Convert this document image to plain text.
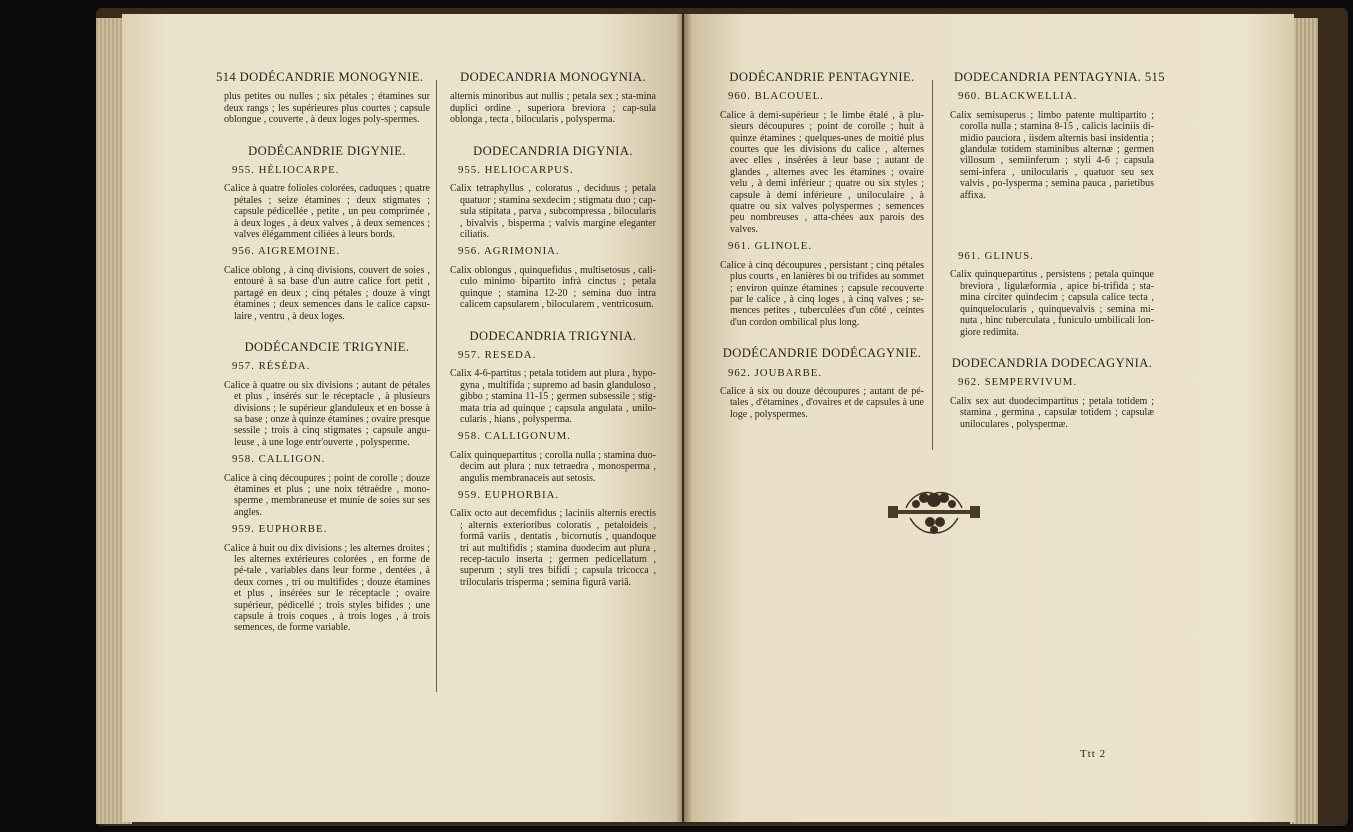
514 DODÉCANDRIE MONOGYNIE.

plus petites ou nulles ; six pétales ; étamines sur deux rangs ; les supérieures plus courtes ; capsule oblongue , couverte , à deux loges poly-spermes.

DODÉCANDRIE DIGYNIE.
955. HÉLIOCARPE.

Calice à quatre folioles colorées, caduques ; quatre pétales ; seize étamines ; deux stigmates ; capsule pédicellée , petite , un peu comprimée , à deux loges , à deux valves , à deux semences ; valves élégamment ciliées à leurs bords.

956. AIGREMOINE.

Calice oblong , à cinq divisions, couvert de soies , entouré à sa base d'un autre calice fort petit , partagé en deux ; cinq pétales ; douze à vingt étamines ; deux semences dans le calice capsu-laire , ventru , à deux loges.

DODÉCANDCIE TRIGYNIE.
957. RÉSÉDA.

Calice à quatre ou six divisions ; autant de pétales et plus , insérés sur le réceptacle , à plusieurs divisions ; le supérieur glanduleux et en bosse à sa base ; onze à quinze étamines ; ovaire presque sessile ; trois à cinq stigmates ; capsule angu-leuse , à une loge entr'ouverte , polysperme.

958. CALLIGON.

Calice à cinq découpures ; point de corolle ; douze étamines et plus ; une noix tétraèdre , mono-sperme , membraneuse et munie de soies sur ses angles.

959. EUPHORBE.

Calice à huit ou dix divisions ; les alternes droites ; les alternes extérieures colorées , en forme de pé-tale , variables dans leur forme , dentées , à deux cornes , tri ou multifides ; douze étamines et plus , insérées sur le réceptacle ; ovaire supérieur, pédicellé ; trois styles bifides ; une capsule à trois coques , à trois loges , à trois semences, de forme variable.

DODECANDRIA MONOGYNIA.

alternis minoribus aut nullis ; petala sex ; sta-mina duplici ordine , superiora breviora ; cap-sula oblonga , tecta , bilocularis , polysperma.

DODECANDRIA DIGYNIA.
955. HELIOCARPUS.

Calix tetraphyllus , coloratus , deciduus ; petala quatuor ; stamina sexdecim ; stigmata duo ; cap-sula stipitata , parva , subcompressa , bilocularis , bivalvis , bisperma ; valvis margine eleganter ciliatis.

956. AGRIMONIA.

Calix oblongus , quinquefidus , multisetosus , cali-culo minimo bipartito infrà cinctus ; petala quinque ; stamina 12-20 ; semina duo intra calicem capsularem , bilocularem , ventricosum.

DODECANDRIA TRIGYNIA.
957. RESEDA.

Calix 4-6-partitus ; petala totidem aut plura , hypo-gyna , multifida ; supremo ad basin glanduloso , gibbo ; stamina 11-15 ; germen subsessile ; stig-mata tria ad quinque ; capsula angulata , unilo-cularis , hians , polysperma.

958. CALLIGONUM.

Calix quinquepartitus ; corolla nulla ; stamina duo-decim aut plura ; nux tetraedra , monosperma , angulis membranaceis aut setosis.

959. EUPHORBIA.

Calix octo aut decemfidus ; laciniis alternis erectis ; alternis exterioribus coloratis , petaloideis , formâ variis , dentatis , bicornutis , quandoque tri aut multifidis ; stamina duodecim aut plura , recep-taculo inserta ; germen pedicellatum , superum ; styli tres bifidi ; capsula tricocca , trilocularis trisperma ; semina figurâ variâ.

DODÉCANDRIE PENTAGYNIE.
960. BLACOUEL.

Calice à demi-supérieur ; le limbe étalé , à plu-sieurs découpures ; point de corolle ; huit à quinze étamines ; quelques-unes de moitié plus courtes que les divisions du calice , alternes avec elles , insérées à leur base ; autant de glandes , alternes avec les étamines ; ovaire velu , à demi inférieur ; quatre ou six styles ; capsule à demi inférieure , uniloculaire , à quatre ou six valves polyspermes ; semences peu nombreuses , atta-chées aux parois des valves.

961. GLINOLE.

Calice à cinq découpures , persistant ; cinq pétales plus courts , en lanières bi ou trifides au sommet ; environ quinze étamines ; capsule recouverte par le calice , à cinq loges , à cinq valves ; se-mences petites , tuberculées d'un côté , ceintes d'un cordon ombilical plus long.

DODÉCANDRIE DODÉCAGYNIE.
962. JOUBARBE.

Calice à six ou douze découpures ; autant de pé-tales , d'étamines , d'ovaires et de capsules à une loge , polyspermes.

DODECANDRIA PENTAGYNIA. 515
960. BLACKWELLIA.

Calix semisuperus ; limbo patente multipartito ; corolla nulla ; stamina 8-15 , calicis laciniis di-midio pauciora , iisdem alternis basi insidentia ; glandulæ totidem staminibus alternæ ; germen villosum , semiinferum ; styli 4-6 ; capsula semi-infera , unilocularis , quatuor seu sex valvis , po-lysperma ; semina pauca , parietibus affixa.

961. GLINUS.

Calix quinquepartitus , persistens ; petala quinque breviora , ligulæformia , apice bi-trifida ; sta-mina circiter quindecim ; capsula calice tecta , quinquelocularis , quinquevalvis ; semina mi-nuta , hinc tuberculata , funiculo umbilicali lon-giore redimita.

DODECANDRIA DODECAGYNIA.
962. SEMPERVIVUM.

Calix sex aut duodecimpartitus ; petala totidem ; stamina , germina , capsulæ totidem ; capsulæ uniloculares , polyspermæ.

Ttt 2
